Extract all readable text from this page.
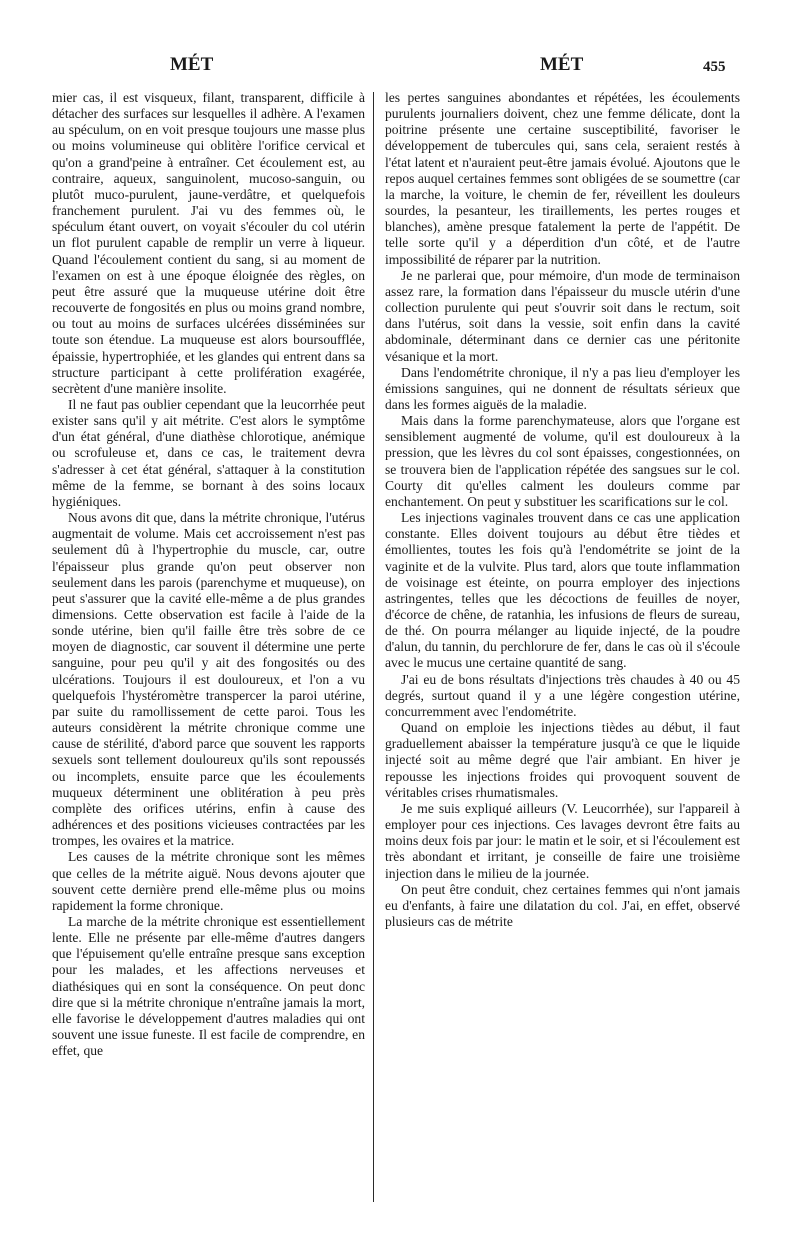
MÉT	MÉT	455

mier cas, il est visqueux, filant, transparent, difficile à détacher des surfaces sur lesquelles il adhère. A l'examen au spéculum, on en voit presque toujours une masse plus ou moins volumineuse qui oblitère l'orifice cervical et qu'on a grand'peine à entraîner. Cet écoulement est, au contraire, aqueux, sanguinolent, mucoso-sanguin, ou plutôt muco-purulent, jaune-verdâtre, et quelquefois franchement purulent. J'ai vu des femmes où, le spéculum étant ouvert, on voyait s'écouler du col utérin un flot purulent capable de remplir un verre à liqueur. Quand l'écoulement contient du sang, si au moment de l'examen on est à une époque éloignée des règles, on peut être assuré que la muqueuse utérine doit être recouverte de fongosités en plus ou moins grand nombre, ou tout au moins de surfaces ulcérées disséminées sur toute son étendue. La muqueuse est alors boursoufflée, épaissie, hypertrophiée, et les glandes qui entrent dans sa structure participant à cette prolifération exagérée, secrètent d'une manière insolite.

Il ne faut pas oublier cependant que la leucorrhée peut exister sans qu'il y ait métrite. C'est alors le symptôme d'un état général, d'une diathèse chlorotique, anémique ou scrofuleuse et, dans ce cas, le traitement devra s'adresser à cet état général, s'attaquer à la constitution même de la femme, se bornant à des soins locaux hygiéniques.

Nous avons dit que, dans la métrite chronique, l'utérus augmentait de volume. Mais cet accroissement n'est pas seulement dû à l'hypertrophie du muscle, car, outre l'épaisseur plus grande qu'on peut observer non seulement dans les parois (parenchyme et muqueuse), on peut s'assurer que la cavité elle-même a de plus grandes dimensions. Cette observation est facile à l'aide de la sonde utérine, bien qu'il faille être très sobre de ce moyen de diagnostic, car souvent il détermine une perte sanguine, pour peu qu'il y ait des fongosités ou des ulcérations. Toujours il est douloureux, et l'on a vu quelquefois l'hystéromètre transpercer la paroi utérine, par suite du ramollissement de cette paroi. Tous les auteurs considèrent la métrite chronique comme une cause de stérilité, d'abord parce que souvent les rapports sexuels sont tellement douloureux qu'ils sont repoussés ou incomplets, ensuite parce que les écoulements muqueux déterminent une oblitération à peu près complète des orifices utérins, enfin à cause des adhérences et des positions vicieuses contractées par les trompes, les ovaires et la matrice.

Les causes de la métrite chronique sont les mêmes que celles de la métrite aiguë. Nous devons ajouter que souvent cette dernière prend elle-même plus ou moins rapidement la forme chronique.

La marche de la métrite chronique est essentiellement lente. Elle ne présente par elle-même d'autres dangers que l'épuisement qu'elle entraîne presque sans exception pour les malades, et les affections nerveuses et diathésiques qui en sont la conséquence. On peut donc dire que si la métrite chronique n'entraîne jamais la mort, elle favorise le développement d'autres maladies qui ont souvent une issue funeste. Il est facile de comprendre, en effet, que

les pertes sanguines abondantes et répétées, les écoulements purulents journaliers doivent, chez une femme délicate, dont la poitrine présente une certaine susceptibilité, favoriser le développement de tubercules qui, sans cela, seraient restés à l'état latent et n'auraient peut-être jamais évolué. Ajoutons que le repos auquel certaines femmes sont obligées de se soumettre (car la marche, la voiture, le chemin de fer, réveillent les douleurs sourdes, la pesanteur, les tiraillements, les pertes rouges et blanches), amène presque fatalement la perte de l'appétit. De telle sorte qu'il y a déperdition d'un côté, et de l'autre impossibilité de réparer par la nutrition.

Je ne parlerai que, pour mémoire, d'un mode de terminaison assez rare, la formation dans l'épaisseur du muscle utérin d'une collection purulente qui peut s'ouvrir soit dans le rectum, soit dans l'utérus, soit dans la vessie, soit enfin dans la cavité abdominale, déterminant dans ce dernier cas une péritonite vésanique et la mort.

Dans l'endométrite chronique, il n'y a pas lieu d'employer les émissions sanguines, qui ne donnent de résultats sérieux que dans les formes aiguës de la maladie.

Mais dans la forme parenchymateuse, alors que l'organe est sensiblement augmenté de volume, qu'il est douloureux à la pression, que les lèvres du col sont épaisses, congestionnées, on se trouvera bien de l'application répétée des sangsues sur le col. Courty dit qu'elles calment les douleurs comme par enchantement. On peut y substituer les scarifications sur le col.

Les injections vaginales trouvent dans ce cas une application constante. Elles doivent toujours au début être tièdes et émollientes, toutes les fois qu'à l'endométrite se joint de la vaginite et de la vulvite. Plus tard, alors que toute inflammation de voisinage est éteinte, on pourra employer des injections astringentes, telles que les décoctions de feuilles de noyer, d'écorce de chêne, de ratanhia, les infusions de fleurs de sureau, de thé. On pourra mélanger au liquide injecté, de la poudre d'alun, du tannin, du perchlorure de fer, dans le cas où il s'écoule avec le mucus une certaine quantité de sang.

J'ai eu de bons résultats d'injections très chaudes à 40 ou 45 degrés, surtout quand il y a une légère congestion utérine, concurremment avec l'endométrite.

Quand on emploie les injections tièdes au début, il faut graduellement abaisser la température jusqu'à ce que le liquide injecté soit au même degré que l'air ambiant. En hiver je repousse les injections froides qui provoquent souvent de véritables crises rhumatismales.

Je me suis expliqué ailleurs (V. Leucorrhée), sur l'appareil à employer pour ces injections. Ces lavages devront être faits au moins deux fois par jour: le matin et le soir, et si l'écoulement est très abondant et irritant, je conseille de faire une troisième injection dans le milieu de la journée.

On peut être conduit, chez certaines femmes qui n'ont jamais eu d'enfants, à faire une dilatation du col. J'ai, en effet, observé plusieurs cas de métrite
